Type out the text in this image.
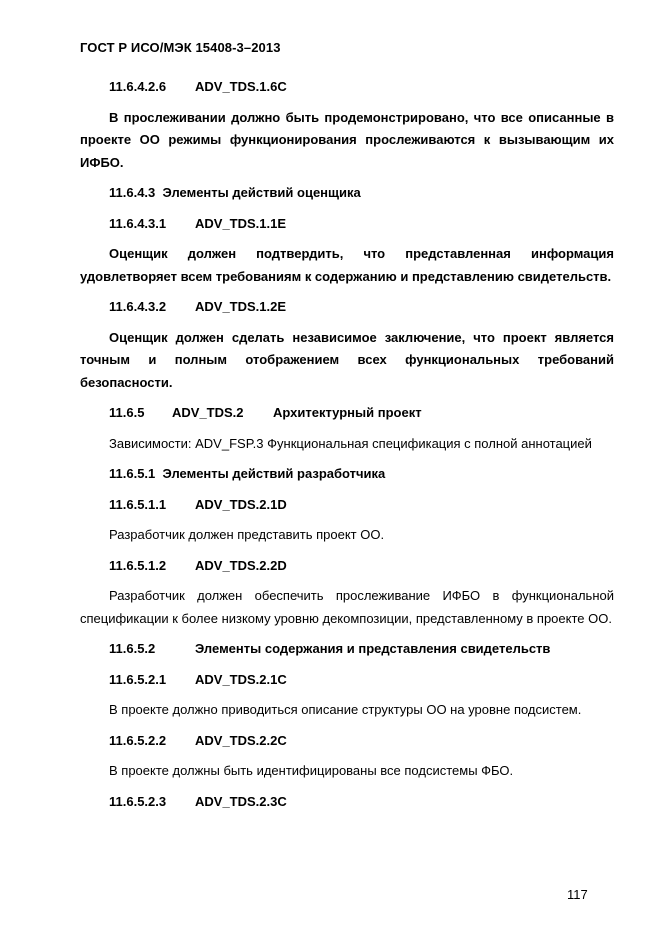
ГОСТ Р ИСО/МЭК 15408-3–2013
11.6.4.2.6 ADV_TDS.1.6C

В прослеживании должно быть продемонстрировано, что все описанные в проекте ОО режимы функционирования прослеживаются к вызывающим их ИФБО.

11.6.4.3 Элементы действий оценщика
11.6.4.3.1 ADV_TDS.1.1E

Оценщик должен подтвердить, что представленная информация удовлетворяет всем требованиям к содержанию и представлению свидетельств.

11.6.4.3.2 ADV_TDS.1.2E

Оценщик должен сделать независимое заключение, что проект является точным и полным отображением всех функциональных требований безопасности.

11.6.5 ADV_TDS.2 Архитектурный проект

Зависимости: ADV_FSP.3 Функциональная спецификация с полной аннотацией

11.6.5.1 Элементы действий разработчика
11.6.5.1.1 ADV_TDS.2.1D

Разработчик должен представить проект ОО.

11.6.5.1.2 ADV_TDS.2.2D

Разработчик должен обеспечить прослеживание ИФБО в функциональной спецификации к более низкому уровню декомпозиции, представленному в проекте ОО.

11.6.5.2	Элементы содержания и представления свидетельств
11.6.5.2.1 ADV_TDS.2.1C

В проекте должно приводиться описание структуры ОО на уровне подсистем.

11.6.5.2.2 ADV_TDS.2.2C

В проекте должны быть идентифицированы все подсистемы ФБО.

11.6.5.2.3 ADV_TDS.2.3C
117
